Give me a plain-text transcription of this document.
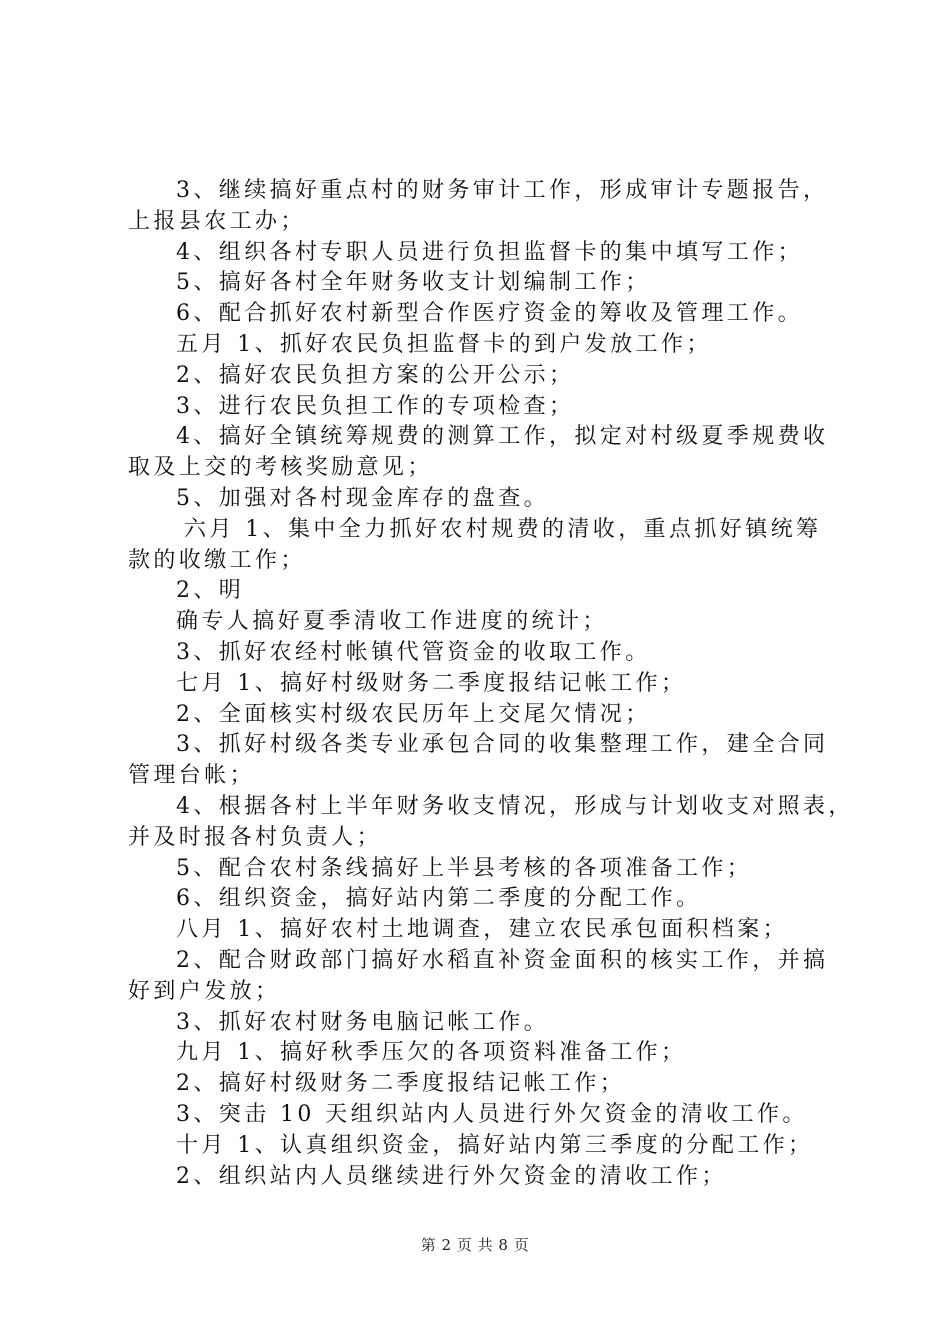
3、继续搞好重点村的财务审计工作，形成审计专题报告，
上报县农工办；
4、组织各村专职人员进行负担监督卡的集中填写工作；
5、搞好各村全年财务收支计划编制工作；
6、配合抓好农村新型合作医疗资金的筹收及管理工作。
五月 1、抓好农民负担监督卡的到户发放工作；
2、搞好农民负担方案的公开公示；
3、进行农民负担工作的专项检查；
4、搞好全镇统筹规费的测算工作，拟定对村级夏季规费收
取及上交的考核奖励意见；
5、加强对各村现金库存的盘查。
六月 1、集中全力抓好农村规费的清收，重点抓好镇统筹
款的收缴工作；
2、明
确专人搞好夏季清收工作进度的统计；
3、抓好农经村帐镇代管资金的收取工作。
七月 1、搞好村级财务二季度报结记帐工作；
2、全面核实村级农民历年上交尾欠情况；
3、抓好村级各类专业承包合同的收集整理工作，建全合同
管理台帐；
4、根据各村上半年财务收支情况，形成与计划收支对照表，
并及时报各村负责人；
5、配合农村条线搞好上半县考核的各项准备工作；
6、组织资金，搞好站内第二季度的分配工作。
八月 1、搞好农村土地调查，建立农民承包面积档案；
2、配合财政部门搞好水稻直补资金面积的核实工作，并搞
好到户发放；
3、抓好农村财务电脑记帐工作。
九月 1、搞好秋季压欠的各项资料准备工作；
2、搞好村级财务二季度报结记帐工作；
3、突击 10 天组织站内人员进行外欠资金的清收工作。
十月 1、认真组织资金，搞好站内第三季度的分配工作；
2、组织站内人员继续进行外欠资金的清收工作；
第 2 页 共 8 页
